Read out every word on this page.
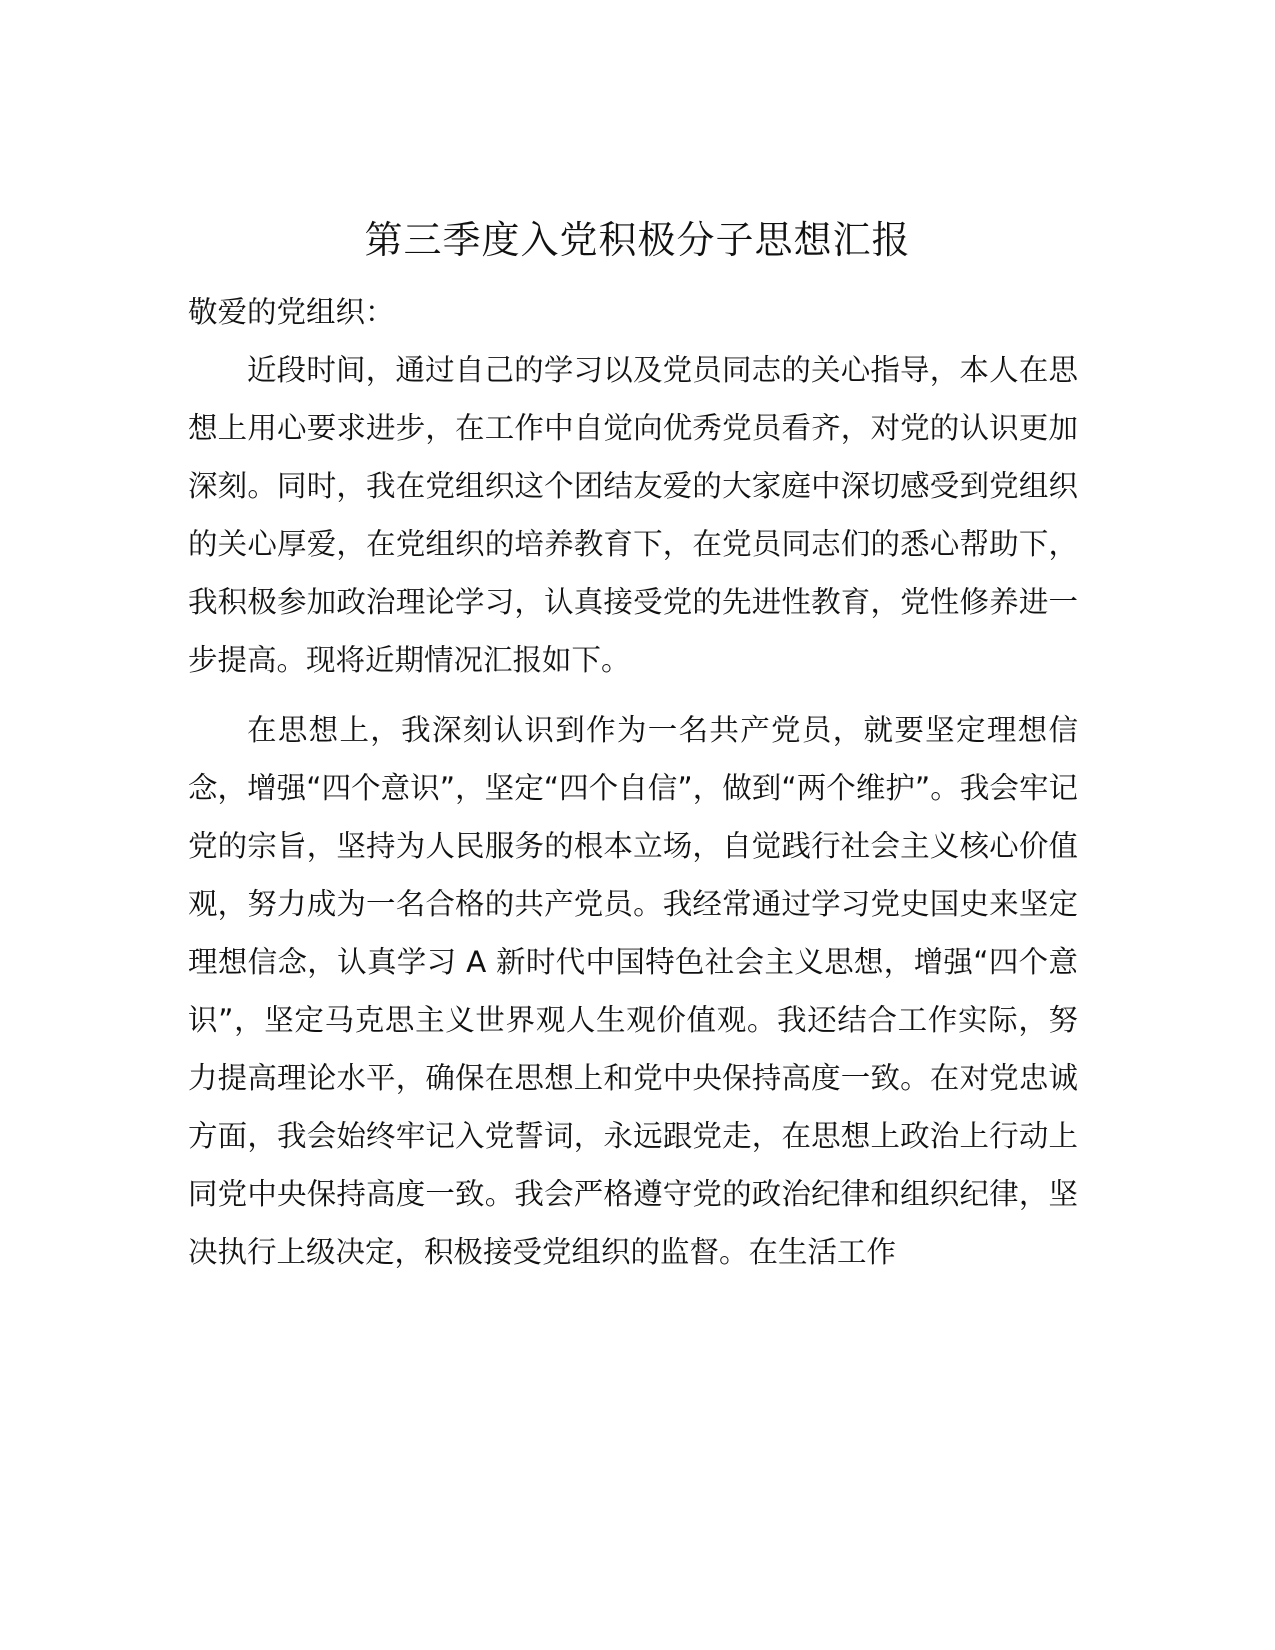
第三季度入党积极分子思想汇报

敬爱的党组织：

近段时间，通过自己的学习以及党员同志的关心指导，本人在思想上用心要求进步，在工作中自觉向优秀党员看齐，对党的认识更加深刻。同时，我在党组织这个团结友爱的大家庭中深切感受到党组织的关心厚爱，在党组织的培养教育下，在党员同志们的悉心帮助下，我积极参加政治理论学习，认真接受党的先进性教育，党性修养进一步提高。现将近期情况汇报如下。

在思想上，我深刻认识到作为一名共产党员，就要坚定理想信念，增强“四个意识”，坚定“四个自信”，做到“两个维护”。我会牢记党的宗旨，坚持为人民服务的根本立场，自觉践行社会主义核心价值观，努力成为一名合格的共产党员。我经常通过学习党史国史来坚定理想信念，认真学习 A 新时代中国特色社会主义思想，增强“四个意识”，坚定马克思主义世界观人生观价值观。我还结合工作实际，努力提高理论水平，确保在思想上和党中央保持高度一致。在对党忠诚方面，我会始终牢记入党誓词，永远跟党走，在思想上政治上行动上同党中央保持高度一致。我会严格遵守党的政治纪律和组织纪律，坚决执行上级决定，积极接受党组织的监督。在生活工作
